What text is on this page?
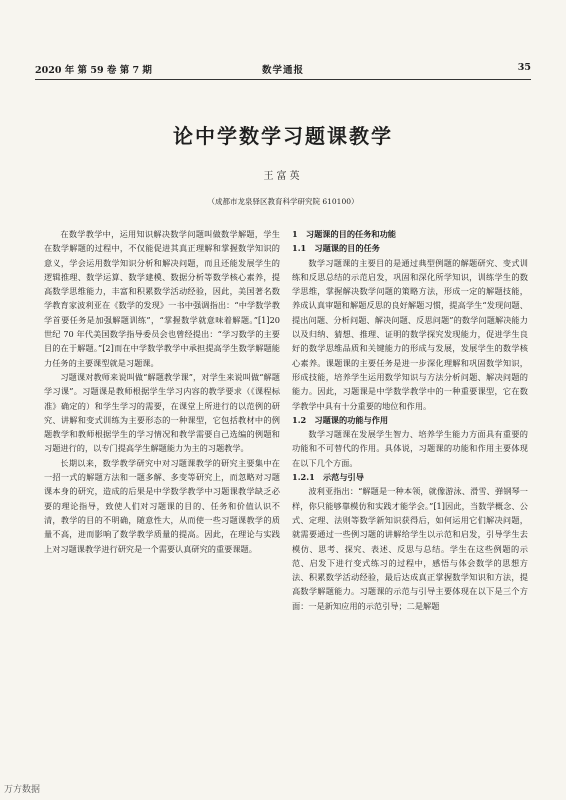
2020 年 第 59 卷 第 7 期	数学通报	35
论中学数学习题课教学
王富英
（成都市龙泉驿区教育科学研究院 610100）

在数学教学中，运用知识解决数学问题叫做数学解题，学生在数学解题的过程中，不仅能促进其真正理解和掌握数学知识的意义，学会运用数学知识分析和解决问题，而且还能发展学生的逻辑推理、数学运算、数学建模、数据分析等数学核心素养，提高数学思维能力，丰富和积累数学活动经验，因此，美国著名数学教育家波利亚在《数学的发现》一书中强调指出：“中学数学教学首要任务是加强解题训练”，“掌握数学就意味着解题。”[1]20 世纪 70 年代美国数学指导委员会也曾经提出：“学习数学的主要目的在于解题。”[2]而在中学数学教学中承担提高学生数学解题能力任务的主要课型就是习题课。

习题课对教师来说叫做“解题教学课”，对学生来说叫做“解题学习课”。习题课是教师根据学生学习内容的教学要求（《课程标准》确定的）和学生学习的需要，在课堂上所进行的以范例的研究、讲解和变式训练为主要形态的一种课型，它包括教材中的例题教学和教师根据学生的学习情况和教学需要自己选编的例题和习题进行的，以专门提高学生解题能力为主的习题教学。

长期以来，数学教学研究中对习题课教学的研究主要集中在一招一式的解题方法和一题多解、多变等研究上，而忽略对习题课本身的研究，造成的后果是中学数学教学中习题课教学缺乏必要的理论指导，致使人们对习题课的目的、任务和价值认识不清，教学的目的不明确，随意性大，从而使一些习题课教学的质量不高，进而影响了数学教学质量的提高。因此，在理论与实践上对习题课教学进行研究是一个需要认真研究的重要课题。

1　习题课的目的任务和功能
1.1　习题课的目的任务

数学习题课的主要目的是通过典型例题的解题研究、变式训练和反思总结的示范启发，巩固和深化所学知识，训练学生的数学思维，掌握解决数学问题的策略方法，形成一定的解题技能，养成认真审题和解题反思的良好解题习惯，提高学生“发现问题、提出问题、分析问题、解决问题、反思问题”的数学问题解决能力以及归纳、猜想、推理、证明的数学探究发现能力，促进学生良好的数学思维品质和关键能力的形成与发展，发展学生的数学核心素养。课题课的主要任务是进一步深化理解和巩固数学知识，形成技能，培养学生运用数学知识与方法分析问题、解决问题的能力。因此，习题课是中学数学教学中的一种重要课型，它在数学教学中具有十分重要的地位和作用。

1.2　习题课的功能与作用

数学习题课在发展学生智力、培养学生能力方面具有重要的功能和不可替代的作用。具体说，习题课的功能和作用主要体现在以下几个方面。

1.2.1　示范与引导

波利亚指出：“解题是一种本领，就像游泳、滑雪、弹钢琴一样，你只能够靠模仿和实践才能学会。”[1]因此，当数学概念、公式、定理、法则等数学新知识获得后，如何运用它们解决问题，就需要通过一些例习题的讲解给学生以示范和启发，引导学生去模仿、思考、探究、表述、反思与总结。学生在这些例题的示范、启发下进行变式练习的过程中，感悟与体会数学的思想方法、积累数学活动经验，最后达成真正掌握数学知识和方法，提高数学解题能力。习题课的示范与引导主要体现在以下是三个方面：一是新知应用的示范引导；二是解题

万方数据
